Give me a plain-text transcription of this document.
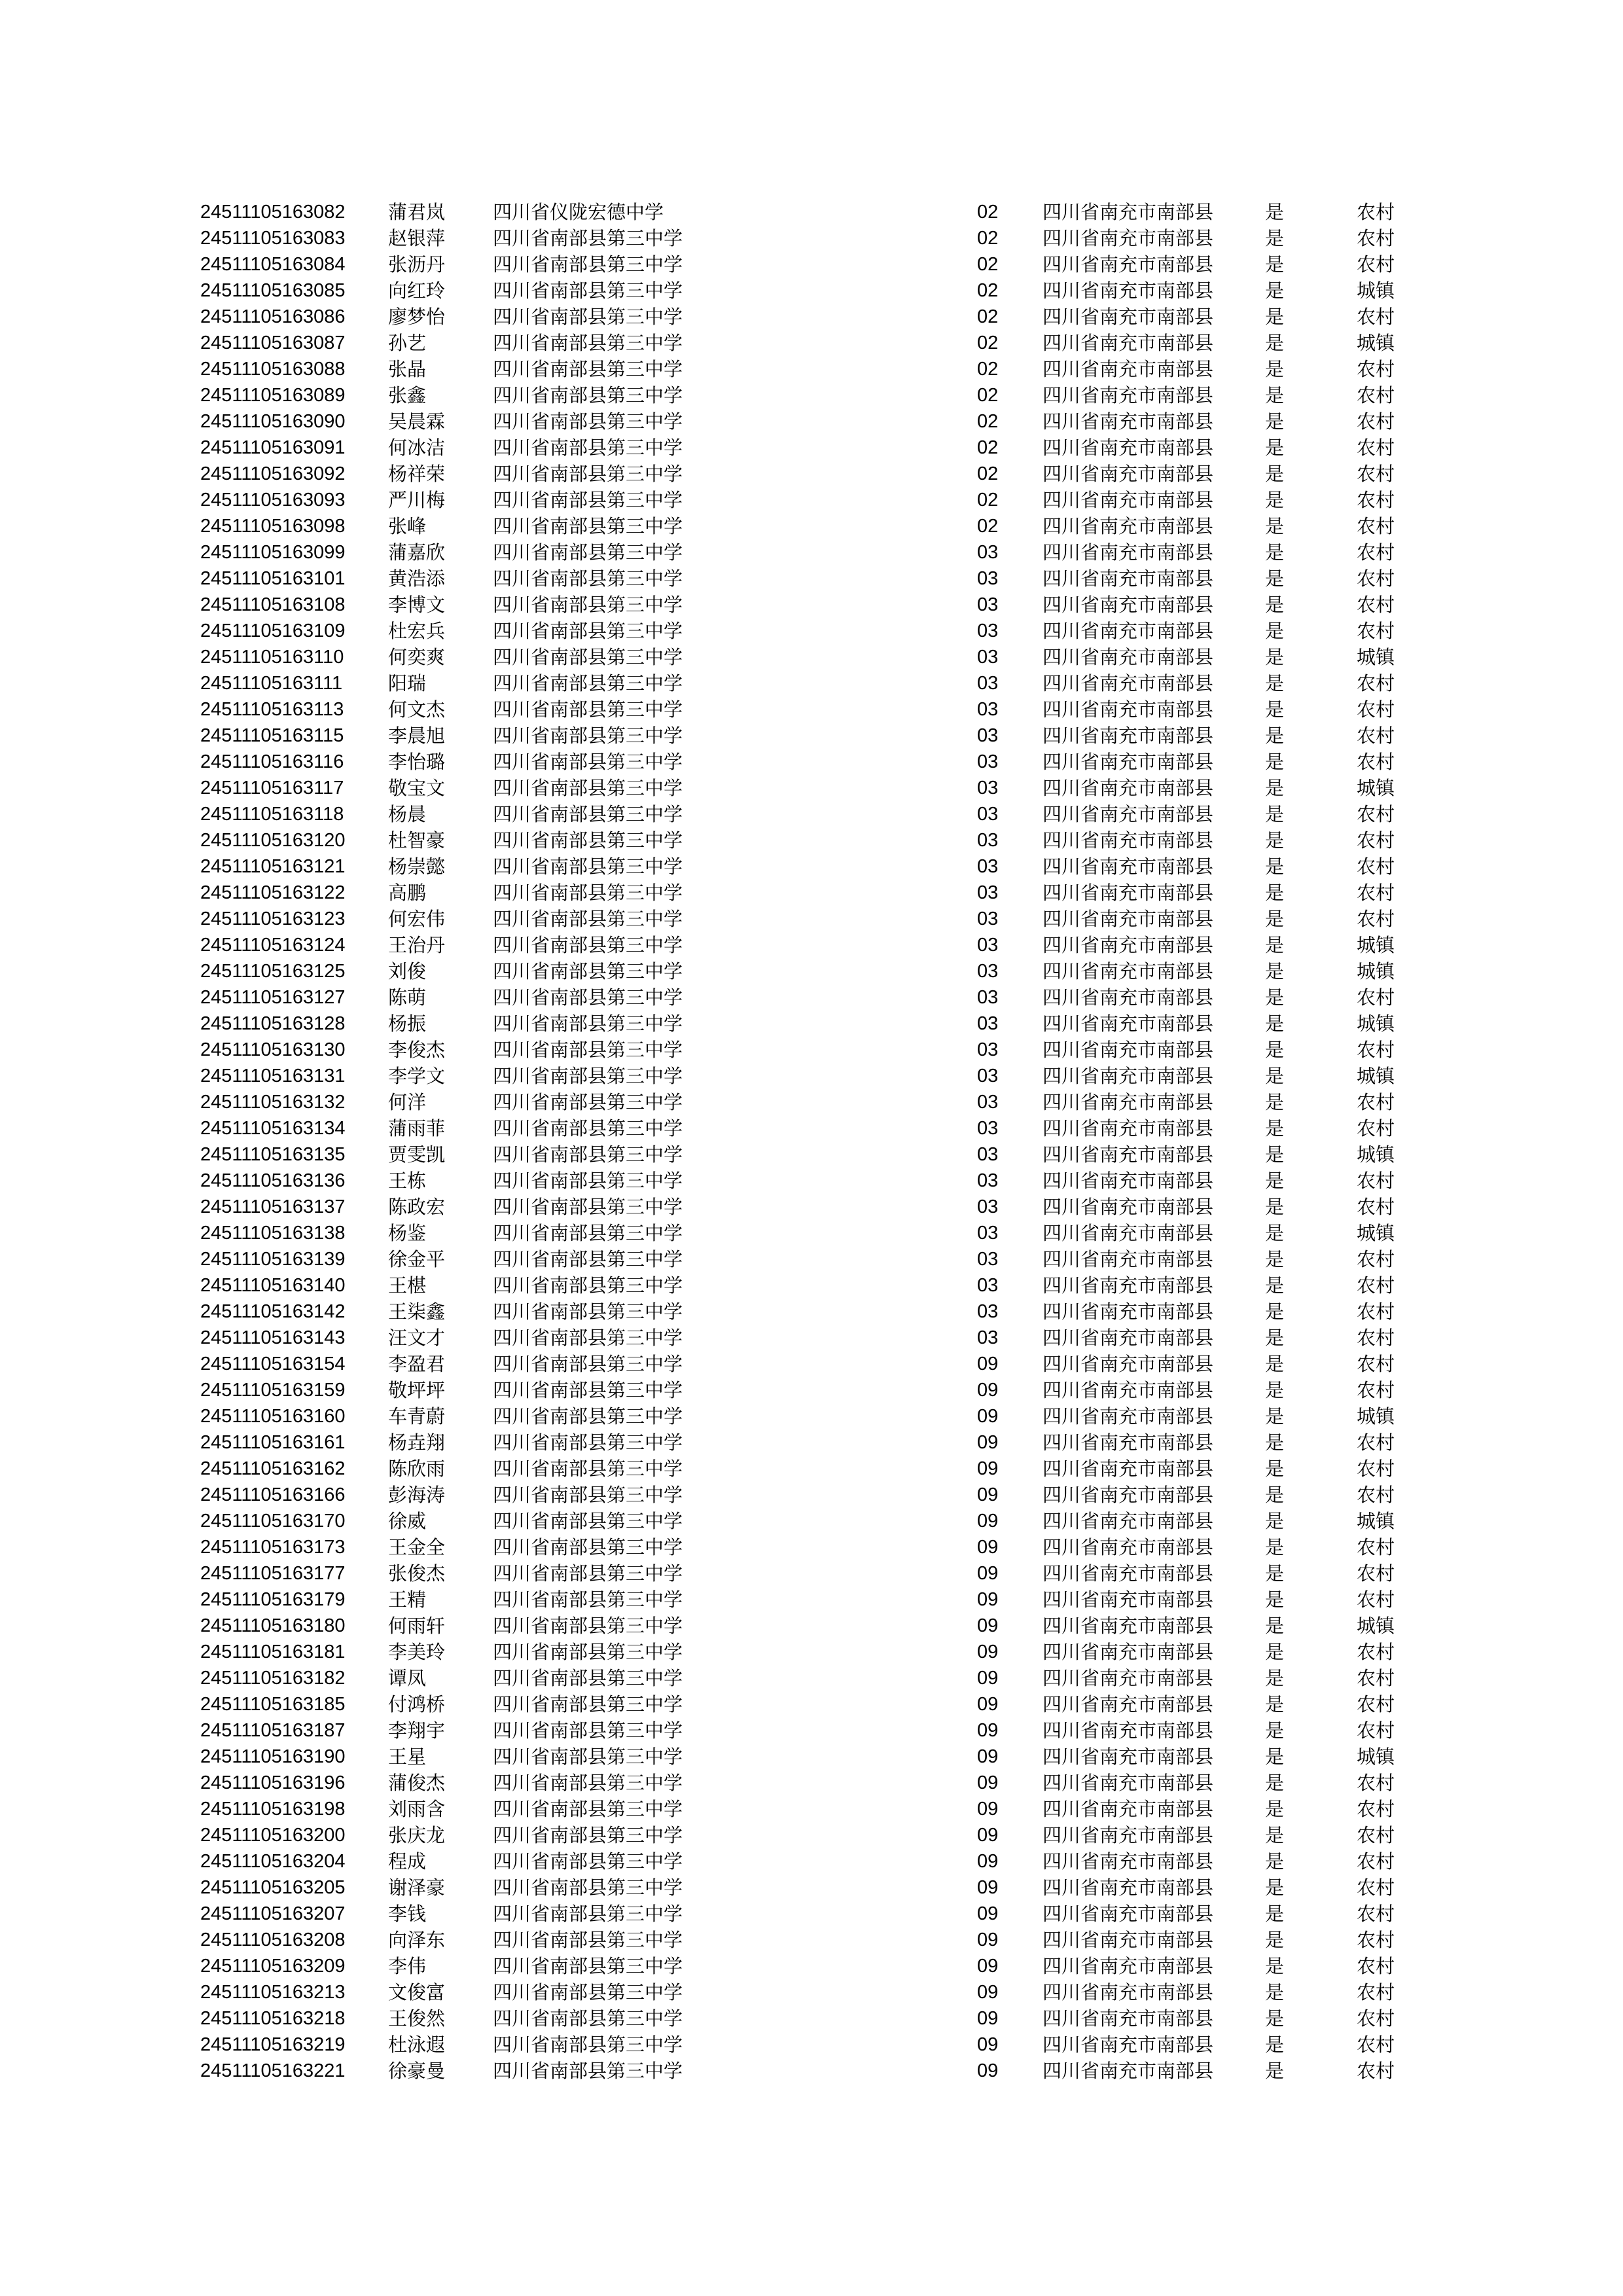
24511105163082 蒲君岚	四川省仪陇宏德中学	02 四川省南充市南部县	是	农村
24511105163083 赵银萍	四川省南部县第三中学	02 四川省南充市南部县	是	农村
24511105163084 张沥丹	四川省南部县第三中学	02 四川省南充市南部县	是	农村
24511105163085 向红玲	四川省南部县第三中学	02 四川省南充市南部县	是	城镇
24511105163086 廖梦怡	四川省南部县第三中学	02 四川省南充市南部县	是	农村
24511105163087 孙艺	四川省南部县第三中学	02 四川省南充市南部县	是	城镇
24511105163088 张晶	四川省南部县第三中学	02 四川省南充市南部县	是	农村
24511105163089 张鑫	四川省南部县第三中学	02 四川省南充市南部县	是	农村
24511105163090 吴晨霖	四川省南部县第三中学	02 四川省南充市南部县	是	农村
24511105163091 何冰洁	四川省南部县第三中学	02 四川省南充市南部县	是	农村
24511105163092 杨祥荣	四川省南部县第三中学	02 四川省南充市南部县	是	农村
24511105163093 严川梅	四川省南部县第三中学	02 四川省南充市南部县	是	农村
24511105163098 张峰	四川省南部县第三中学	02 四川省南充市南部县	是	农村
24511105163099 蒲嘉欣	四川省南部县第三中学	03 四川省南充市南部县	是	农村
24511105163101 黄浩添	四川省南部县第三中学	03 四川省南充市南部县	是	农村
24511105163108 李博文	四川省南部县第三中学	03 四川省南充市南部县	是	农村
24511105163109 杜宏兵	四川省南部县第三中学	03 四川省南充市南部县	是	农村
24511105163110 何奕爽	四川省南部县第三中学	03 四川省南充市南部县	是	城镇
24511105163111 阳瑞	四川省南部县第三中学	03 四川省南充市南部县	是	农村
24511105163113 何文杰	四川省南部县第三中学	03 四川省南充市南部县	是	农村
24511105163115 李晨旭	四川省南部县第三中学	03 四川省南充市南部县	是	农村
24511105163116 李怡璐	四川省南部县第三中学	03 四川省南充市南部县	是	农村
24511105163117 敬宝文	四川省南部县第三中学	03 四川省南充市南部县	是	城镇
24511105163118 杨晨	四川省南部县第三中学	03 四川省南充市南部县	是	农村
24511105163120 杜智豪	四川省南部县第三中学	03 四川省南充市南部县	是	农村
24511105163121 杨崇懿	四川省南部县第三中学	03 四川省南充市南部县	是	农村
24511105163122 高鹏	四川省南部县第三中学	03 四川省南充市南部县	是	农村
24511105163123 何宏伟	四川省南部县第三中学	03 四川省南充市南部县	是	农村
24511105163124 王治丹	四川省南部县第三中学	03 四川省南充市南部县	是	城镇
24511105163125 刘俊	四川省南部县第三中学	03 四川省南充市南部县	是	城镇
24511105163127 陈萌	四川省南部县第三中学	03 四川省南充市南部县	是	农村
24511105163128 杨振	四川省南部县第三中学	03 四川省南充市南部县	是	城镇
24511105163130 李俊杰	四川省南部县第三中学	03 四川省南充市南部县	是	农村
24511105163131 李学文	四川省南部县第三中学	03 四川省南充市南部县	是	城镇
24511105163132 何洋	四川省南部县第三中学	03 四川省南充市南部县	是	农村
24511105163134 蒲雨菲	四川省南部县第三中学	03 四川省南充市南部县	是	农村
24511105163135 贾雯凯	四川省南部县第三中学	03 四川省南充市南部县	是	城镇
24511105163136 王栋	四川省南部县第三中学	03 四川省南充市南部县	是	农村
24511105163137 陈政宏	四川省南部县第三中学	03 四川省南充市南部县	是	农村
24511105163138 杨鉴	四川省南部县第三中学	03 四川省南充市南部县	是	城镇
24511105163139 徐金平	四川省南部县第三中学	03 四川省南充市南部县	是	农村
24511105163140 王椹	四川省南部县第三中学	03 四川省南充市南部县	是	农村
24511105163142 王柒鑫	四川省南部县第三中学	03 四川省南充市南部县	是	农村
24511105163143 汪文才	四川省南部县第三中学	03 四川省南充市南部县	是	农村
24511105163154 李盈君	四川省南部县第三中学	09 四川省南充市南部县	是	农村
24511105163159 敬坪坪	四川省南部县第三中学	09 四川省南充市南部县	是	农村
24511105163160 车青蔚	四川省南部县第三中学	09 四川省南充市南部县	是	城镇
24511105163161 杨垚翔	四川省南部县第三中学	09 四川省南充市南部县	是	农村
24511105163162 陈欣雨	四川省南部县第三中学	09 四川省南充市南部县	是	农村
24511105163166 彭海涛	四川省南部县第三中学	09 四川省南充市南部县	是	农村
24511105163170 徐威	四川省南部县第三中学	09 四川省南充市南部县	是	城镇
24511105163173 王金全	四川省南部县第三中学	09 四川省南充市南部县	是	农村
24511105163177 张俊杰	四川省南部县第三中学	09 四川省南充市南部县	是	农村
24511105163179 王精	四川省南部县第三中学	09 四川省南充市南部县	是	农村
24511105163180 何雨轩	四川省南部县第三中学	09 四川省南充市南部县	是	城镇
24511105163181 李美玲	四川省南部县第三中学	09 四川省南充市南部县	是	农村
24511105163182 谭凤	四川省南部县第三中学	09 四川省南充市南部县	是	农村
24511105163185 付鸿桥	四川省南部县第三中学	09 四川省南充市南部县	是	农村
24511105163187 李翔宇	四川省南部县第三中学	09 四川省南充市南部县	是	农村
24511105163190 王星	四川省南部县第三中学	09 四川省南充市南部县	是	城镇
24511105163196 蒲俊杰	四川省南部县第三中学	09 四川省南充市南部县	是	农村
24511105163198 刘雨含	四川省南部县第三中学	09 四川省南充市南部县	是	农村
24511105163200 张庆龙	四川省南部县第三中学	09 四川省南充市南部县	是	农村
24511105163204 程成	四川省南部县第三中学	09 四川省南充市南部县	是	农村
24511105163205 谢泽豪	四川省南部县第三中学	09 四川省南充市南部县	是	农村
24511105163207 李钱	四川省南部县第三中学	09 四川省南充市南部县	是	农村
24511105163208 向泽东	四川省南部县第三中学	09 四川省南充市南部县	是	农村
24511105163209 李伟	四川省南部县第三中学	09 四川省南充市南部县	是	农村
24511105163213 文俊富	四川省南部县第三中学	09 四川省南充市南部县	是	农村
24511105163218 王俊然	四川省南部县第三中学	09 四川省南充市南部县	是	农村
24511105163219 杜泳遐	四川省南部县第三中学	09 四川省南充市南部县	是	农村
24511105163221 徐豪曼	四川省南部县第三中学	09 四川省南充市南部县	是	农村
